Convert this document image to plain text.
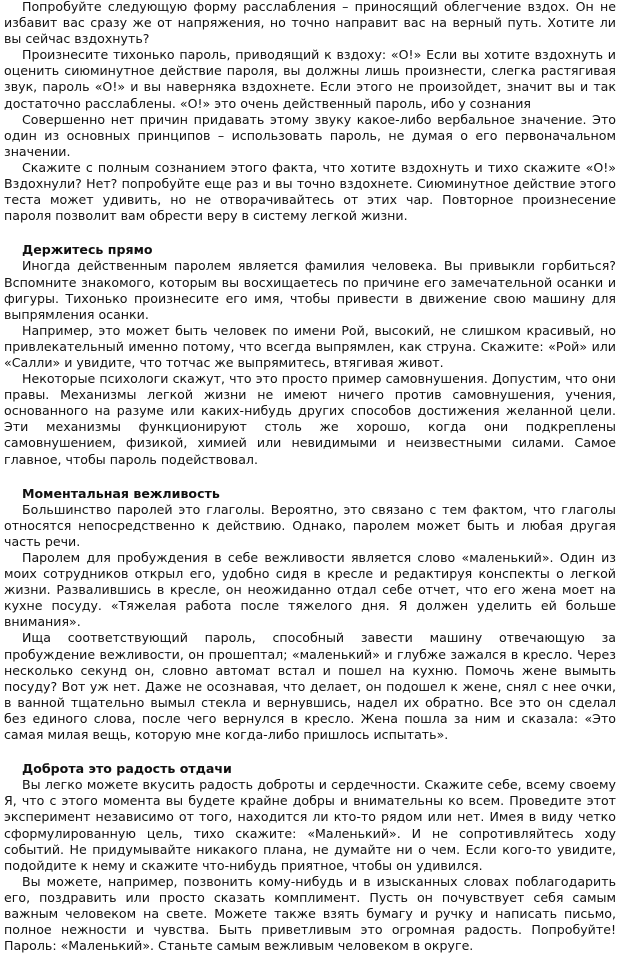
Попробуйте следующую форму расслабления – приносящий облегчение вздох. Он не избавит вас сразу же от напряжения, но точно направит вас на верный путь. Хотите ли вы сейчас вздохнуть?

Произнесите тихонько пароль, приводящий к вздоху: «О!» Если вы хотите вздохнуть и оценить сиюминутное действие пароля, вы должны лишь произнести, слегка растягивая звук, пароль «О!» и вы наверняка вздохнете. Если этого не произойдет, значит вы и так достаточно расслаблены. «О!» это очень действенный пароль, ибо у сознания

Совершенно нет причин придавать этому звуку какое-либо вербальное значение. Это один из основных принципов – использовать пароль, не думая о его первоначальном значении.

Скажите с полным сознанием этого факта, что хотите вздохнуть и тихо скажите «О!» Вздохнули? Нет? попробуйте еще раз и вы точно вздохнете. Сиюминутное действие этого теста может удивить, но не отворачивайтесь от этих чар. Повторное произнесение пароля позволит вам обрести веру в систему легкой жизни.

Держитесь прямо

Иногда действенным паролем является фамилия человека. Вы привыкли горбиться? Вспомните знакомого, которым вы восхищаетесь по причине его замечательной осанки и фигуры. Тихонько произнесите его имя, чтобы привести в движение свою машину для выпрямления осанки.

Например, это может быть человек по имени Рой, высокий, не слишком красивый, но привлекательный именно потому, что всегда выпрямлен, как струна. Скажите: «Рой» или «Салли» и увидите, что тотчас же выпрямитесь, втягивая живот.

Некоторые психологи скажут, что это просто пример самовнушения. Допустим, что они правы. Механизмы легкой жизни не имеют ничего против самовнушения, учения, основанного на разуме или каких-нибудь других способов достижения желанной цели. Эти механизмы функционируют столь же хорошо, когда они подкреплены самовнушением, физикой, химией или невидимыми и неизвестными силами. Самое главное, чтобы пароль подействовал.

Моментальная вежливость

Большинство паролей это глаголы. Вероятно, это связано с тем фактом, что глаголы относятся непосредственно к действию. Однако, паролем может быть и любая другая часть речи.

Паролем для пробуждения в себе вежливости является слово «маленький». Один из моих сотрудников открыл его, удобно сидя в кресле и редактируя конспекты о легкой жизни. Развалившись в кресле, он неожиданно отдал себе отчет, что его жена моет на кухне посуду. «Тяжелая работа после тяжелого дня. Я должен уделить ей больше внимания».

Ища соответствующий пароль, способный завести машину отвечающую за пробуждение вежливости, он прошептал; «маленький» и глубже зажался в кресло. Через несколько секунд он, словно автомат встал и пошел на кухню. Помочь жене вымыть посуду? Вот уж нет. Даже не осознавая, что делает, он подошел к жене, снял с нее очки, в ванной тщательно вымыл стекла и вернувшись, надел их обратно. Все это он сделал без единого слова, после чего вернулся в кресло. Жена пошла за ним и сказала: «Это самая милая вещь, которую мне когда-либо пришлось испытать».

Доброта это радость отдачи

Вы легко можете вкусить радость доброты и сердечности. Скажите себе, всему своему Я, что с этого момента вы будете крайне добры и внимательны ко всем. Проведите этот эксперимент независимо от того, находится ли кто-то рядом или нет. Имея в виду четко сформулированную цель, тихо скажите: «Маленький». И не сопротивляйтесь ходу событий. Не придумывайте никакого плана, не думайте ни о чем. Если кого-то увидите, подойдите к нему и скажите что-нибудь приятное, чтобы он удивился.

Вы можете, например, позвонить кому-нибудь и в изысканных словах поблагодарить его, поздравить или просто сказать комплимент. Пусть он почувствует себя самым важным человеком на свете. Можете также взять бумагу и ручку и написать письмо, полное нежности и чувства. Быть приветливым это огромная радость. Попробуйте! Пароль: «Маленький». Станьте самым вежливым человеком в округе.
